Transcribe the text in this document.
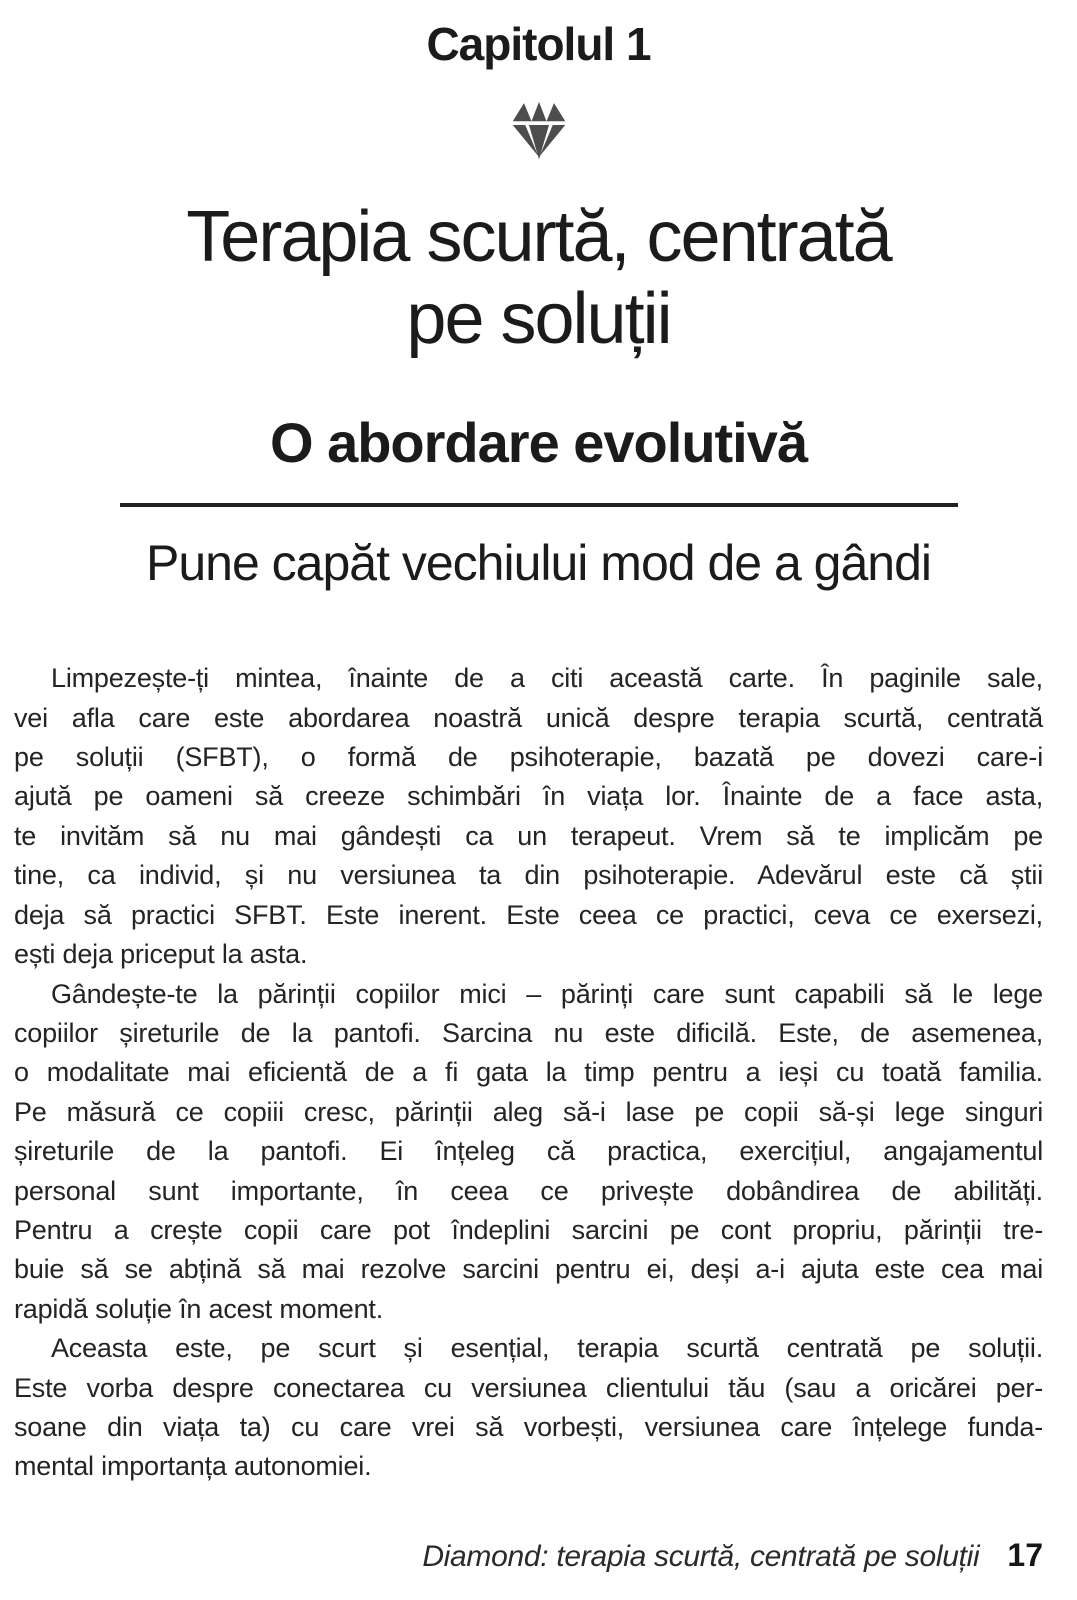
Capitolul 1
Terapia scurtă, centrată
pe soluții
O abordare evolutivă
Pune capăt vechiului mod de a gândi
Limpezește-ți mintea, înainte de a citi această carte. În paginile sale,
vei afla care este abordarea noastră unică despre terapia scurtă, centrată
pe soluții (SFBT), o formă de psihoterapie, bazată pe dovezi care-i
ajută pe oameni să creeze schimbări în viața lor. Înainte de a face asta,
te invităm să nu mai gândești ca un terapeut. Vrem să te implicăm pe
tine, ca individ, și nu versiunea ta din psihoterapie. Adevărul este că știi
deja să practici SFBT. Este inerent. Este ceea ce practici, ceva ce exersezi,
ești deja priceput la asta.
Gândește-te la părinții copiilor mici – părinți care sunt capabili să le lege
copiilor șireturile de la pantofi. Sarcina nu este dificilă. Este, de asemenea,
o modalitate mai eficientă de a fi gata la timp pentru a ieși cu toată familia.
Pe măsură ce copiii cresc, părinții aleg să-i lase pe copii să-și lege singuri
șireturile de la pantofi. Ei înțeleg că practica, exercițiul, angajamentul
personal sunt importante, în ceea ce privește dobândirea de abilități.
Pentru a crește copii care pot îndeplini sarcini pe cont propriu, părinții tre-
buie să se abțină să mai rezolve sarcini pentru ei, deși a-i ajuta este cea mai
rapidă soluție în acest moment.
Aceasta este, pe scurt și esențial, terapia scurtă centrată pe soluții.
Este vorba despre conectarea cu versiunea clientului tău (sau a oricărei per-
soane din viața ta) cu care vrei să vorbești, versiunea care înțelege funda-
mental importanța autonomiei.
Diamond: terapia scurtă, centrată pe soluții 17
